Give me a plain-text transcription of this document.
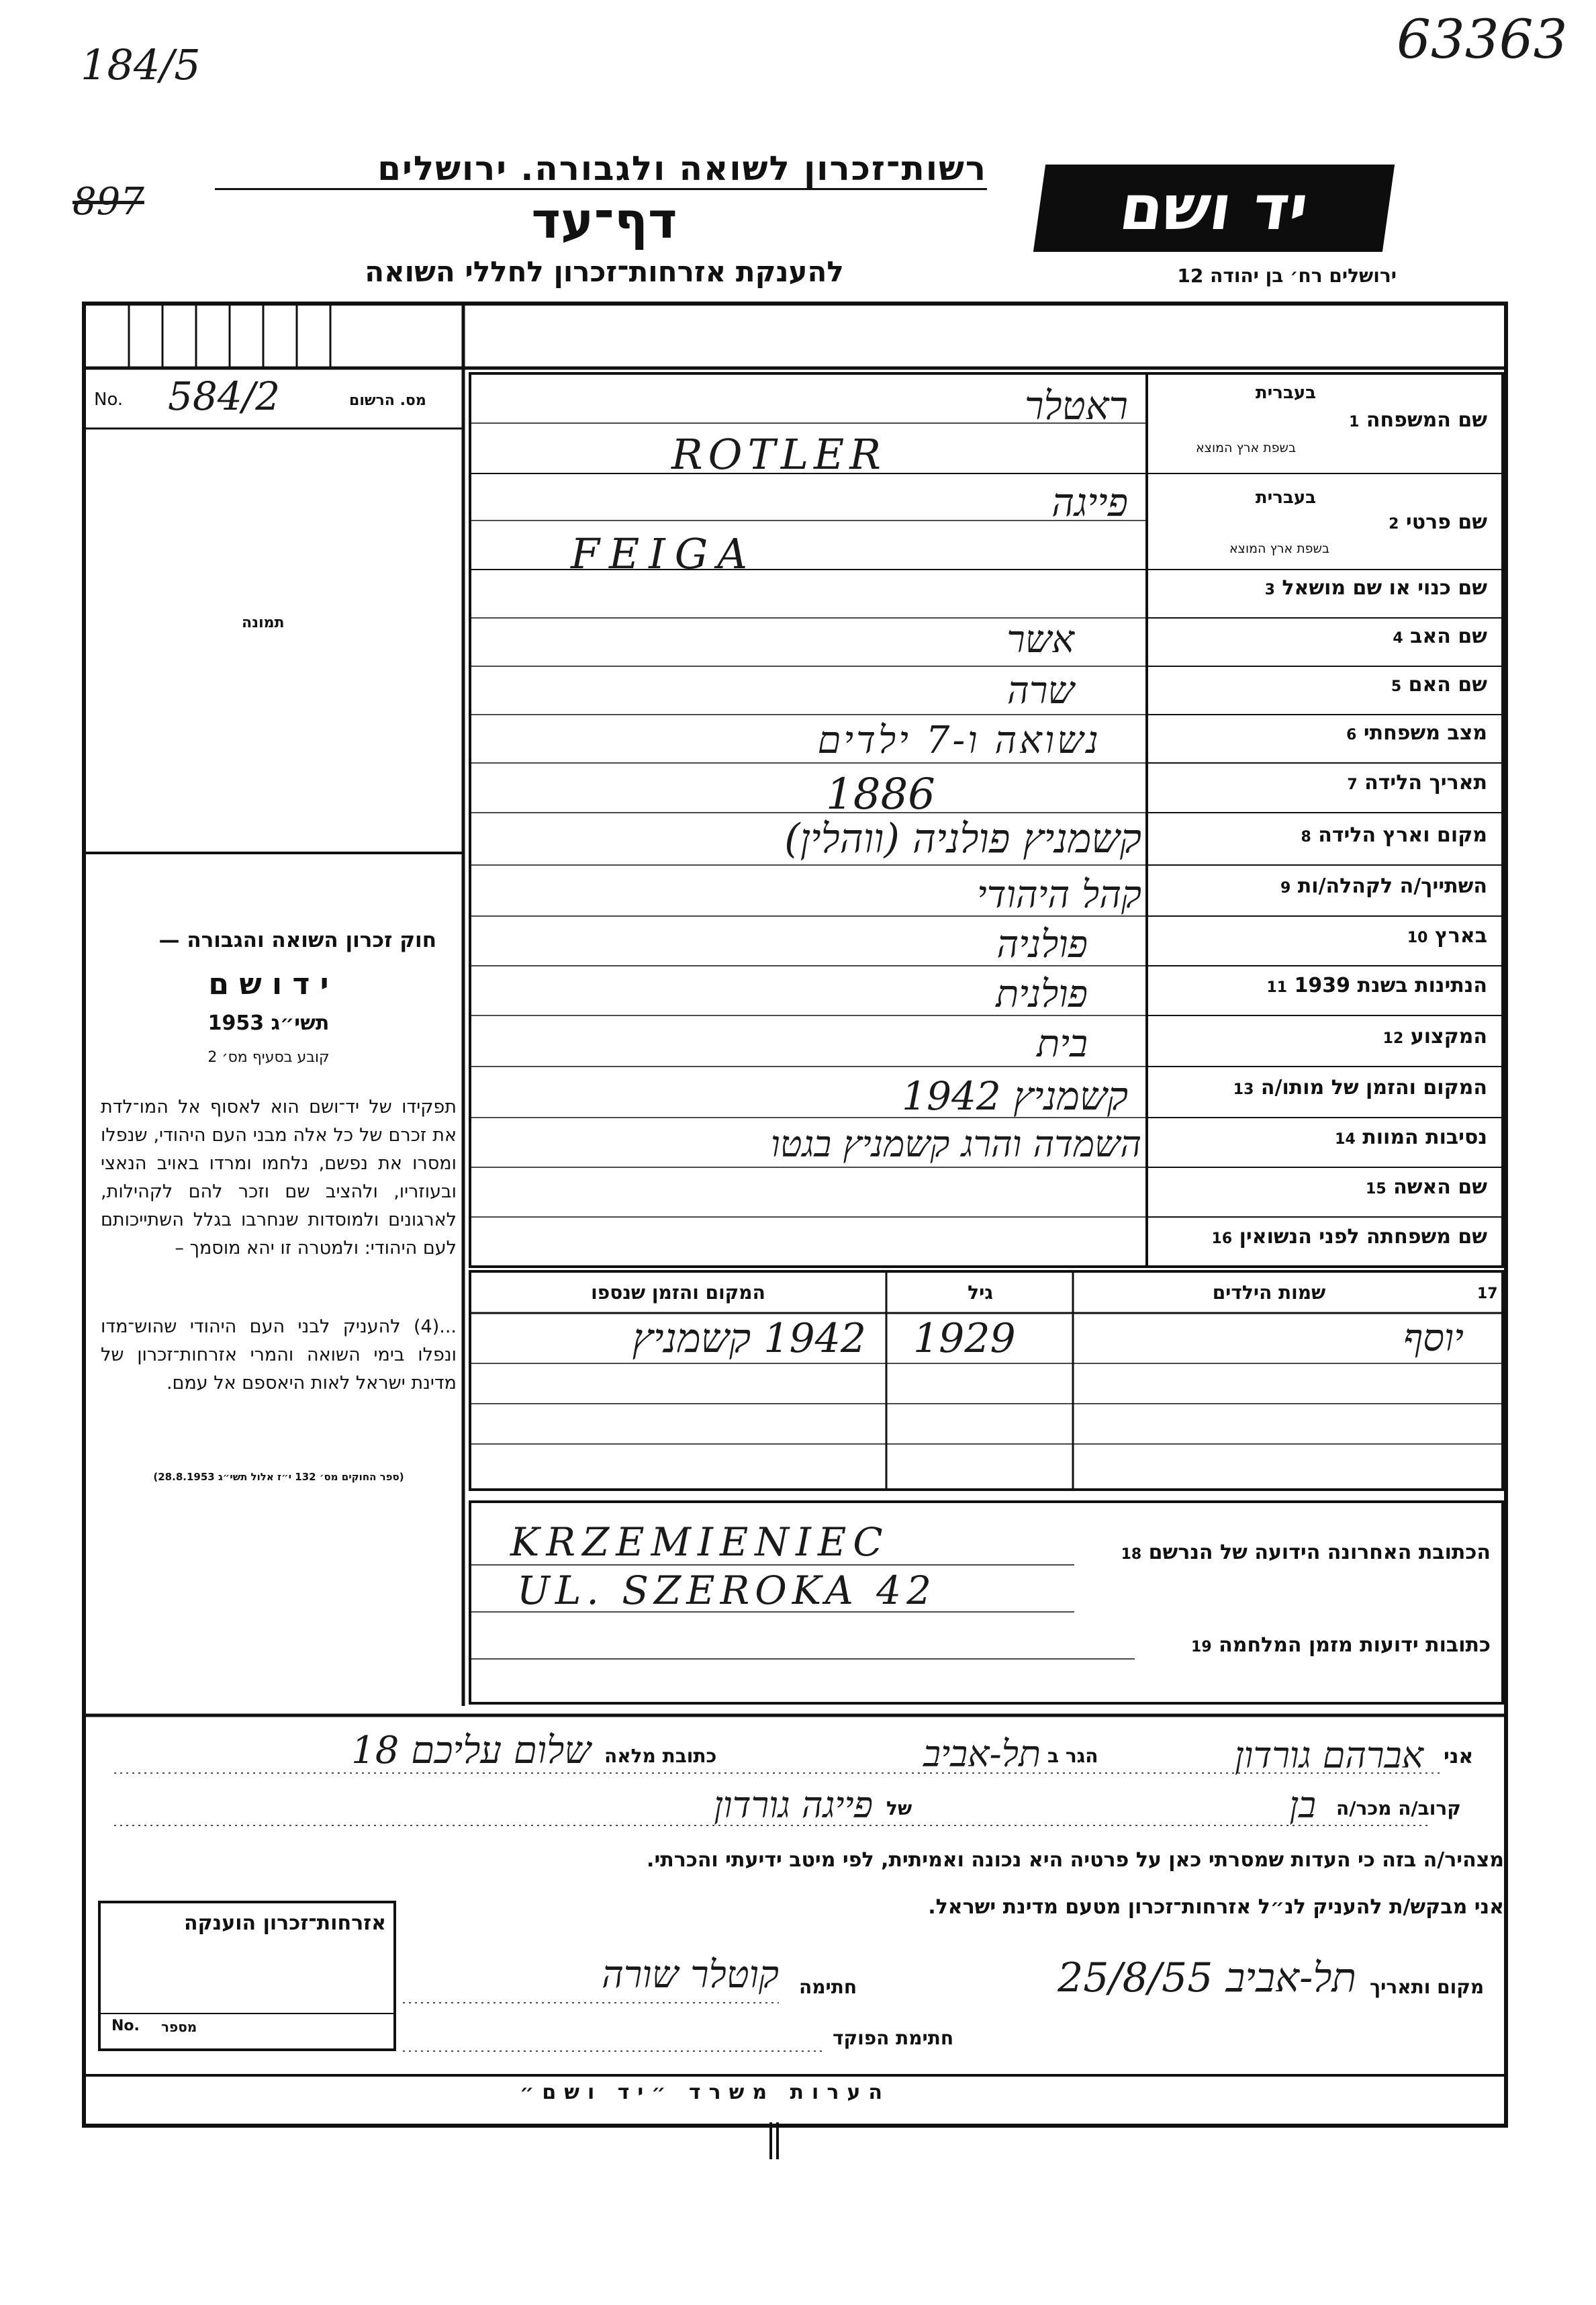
184/5	63363
897
רשות־זכרון לשואה ולגבורה. ירושלים
דף־עד
להענקת אזרחות־זכרון לחללי השואה
יד ושם
ירושלים רח׳ בן יהודה 12
No. 584/2	מס. הרשום
תמונה
חוק זכרון השואה והגבורה —
י ד ו ש ם
תשי״ג 1953
קובע בסעיף מס׳ 2
תפקידו של יד־ושם הוא לאסוף אל המו־לדת את זכרם של כל אלה מבני העם היהודי, שנפלו ומסרו את נפשם, נלחמו ומרדו באויב הנאצי ובעוזריו, ולהציב שם וזכר להם לקהילות, לארגונים ולמוסדות שנחרבו בגלל השתייכותם לעם היהודי: ולמטרה זו יהא מוסמך –
...(4) להעניק לבני העם היהודי שהוש־מדו ונפלו בימי השואה והמרי אזרחות־זכרון של מדינת ישראל לאות היאספם אל עמם.
(ספר החוקים מס׳ 132 י״ז אלול תשי״ג 28.8.1953)
שם המשפחה 1
בעברית
בשפת ארץ המוצא
שם פרטי 2
בעברית
בשפת ארץ המוצא
שם כנוי או שם מושאל 3
שם האב 4
שם האם 5
מצב משפחתי 6
תאריך הלידה 7
מקום וארץ הלידה 8
השתייך/ה לקהלה/ות 9
בארץ 10
הנתינות בשנת 1939 11
המקצוע 12
המקום והזמן של מותו/ה 13
נסיבות המוות 14
שם האשה 15
שם משפחתה לפני הנשואין 16
ראטלר
ROTLER
פייגה
FEIGA
אשר
שרה
נשואה ו-7 ילדים
1886
קשמניץ פולניה (ווהלין)
קהל היהודי
פולניה
פולנית
בית
קשמניץ 1942
השמדה והרג קשמניץ בגטו
17
שמות הילדים
גיל
המקום והזמן שנספו
יוסף
1929
1942 קשמניץ
הכתובת האחרונה הידועה של הנרשם 18
KRZEMIENIEC
UL. SZEROKA 42
כתובות ידועות מזמן המלחמה 19
אני
אברהם גורדון
הגר ב
תל-אביב
כתובת מלאה
שלום עליכם 18
קרוב/ה מכר/ה
בן
של
פייגה גורדון
מצהיר/ה בזה כי העדות שמסרתי כאן על פרטיה היא נכונה ואמיתית, לפי מיטב ידיעתי והכרתי.
אני מבקש/ת להעניק לנ״ל אזרחות־זכרון מטעם מדינת ישראל.
מקום ותאריך
תל-אביב 25/8/55
חתימה
קוטלר שורה
חתימת הפוקד
אזרחות־זכרון הוענקה
No. מספר
הערות משרד ״יד ושם״
